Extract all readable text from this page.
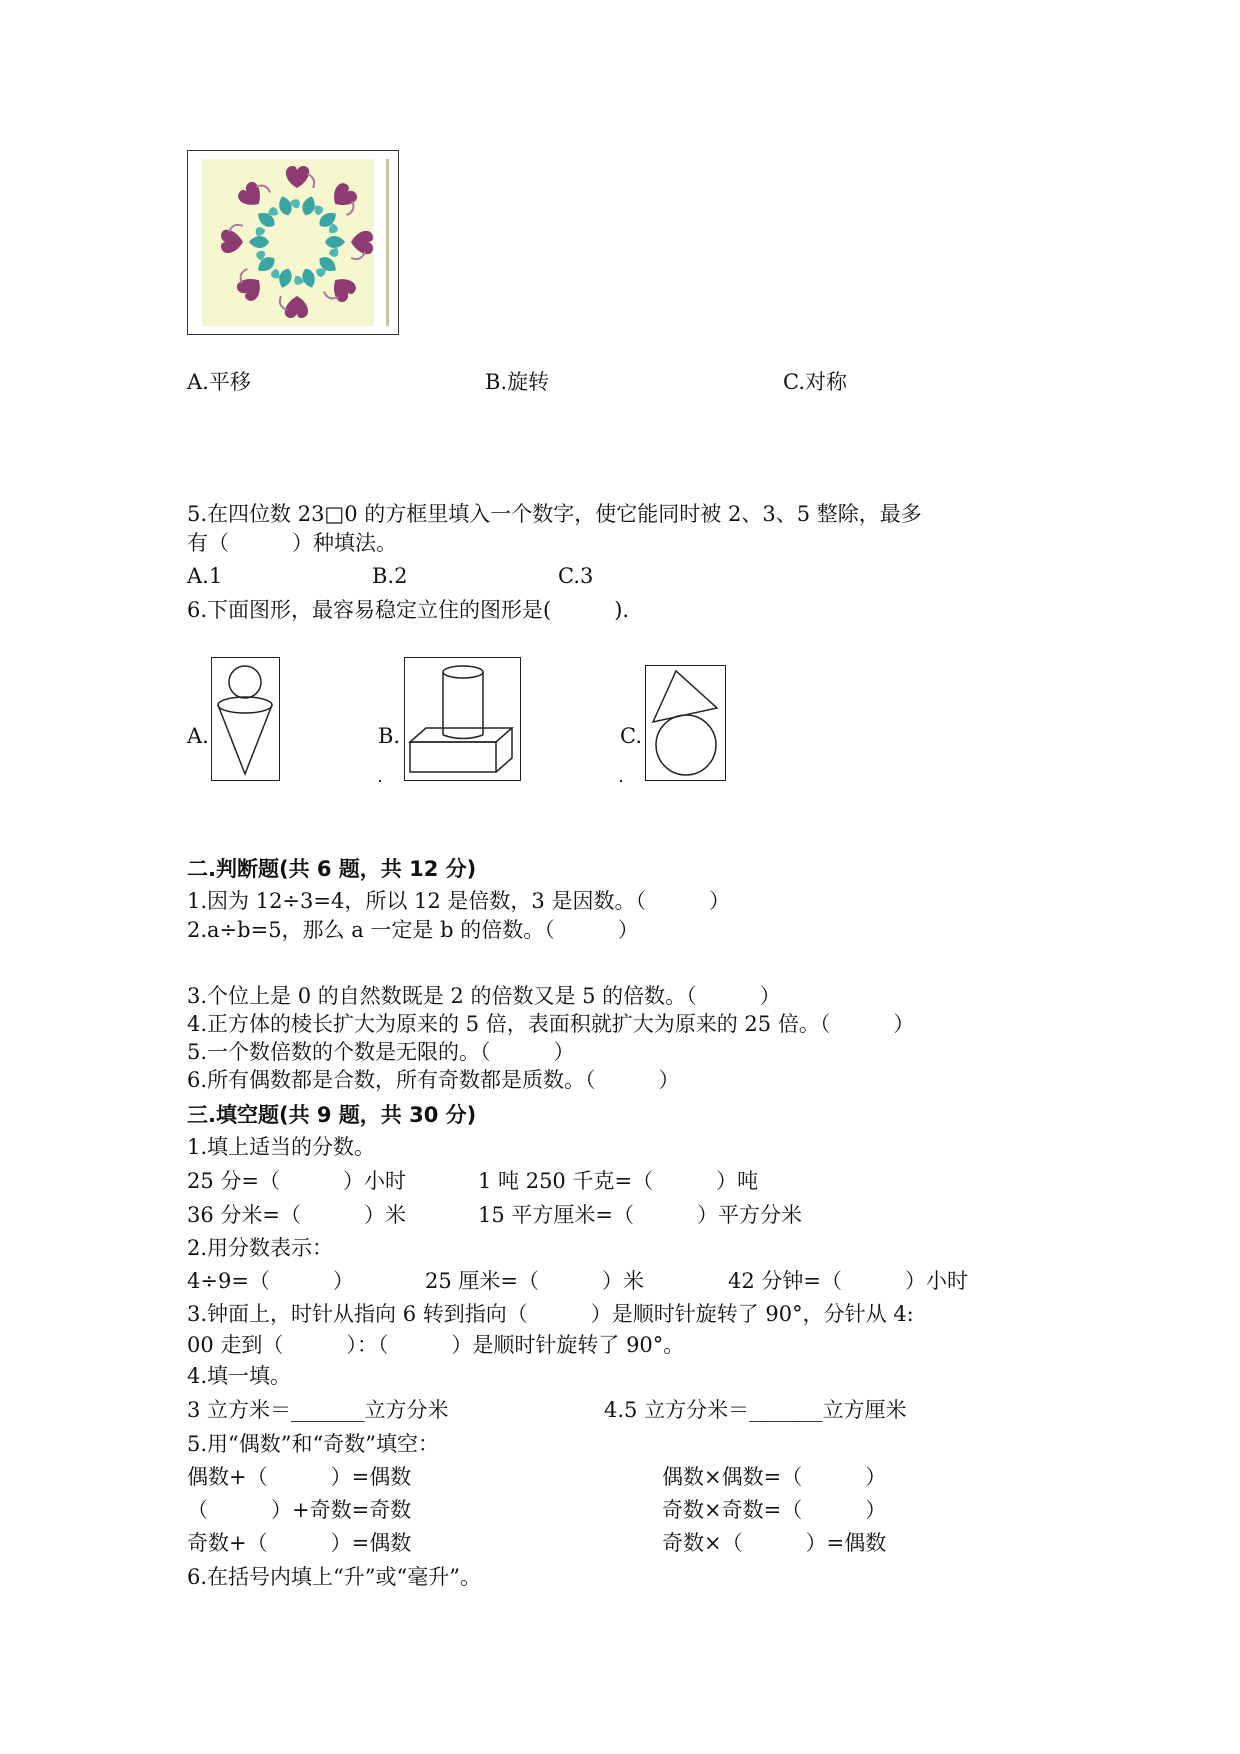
A.平移	B.旋转	C.对称
5.在四位数 23□0 的方框里填入一个数字，使它能同时被 2、3、5 整除，最多
有（　　　）种填法。
A.1	B.2	C.3
6.下面图形，最容易稳定立住的图形是(　　　).
A.	B.	C.
二.判断题(共 6 题，共 12 分)
1.因为 12÷3=4，所以 12 是倍数，3 是因数。（　　　）
2.a÷b=5，那么 a 一定是 b 的倍数。（　　　）
3.个位上是 0 的自然数既是 2 的倍数又是 5 的倍数。（　　　）
4.正方体的棱长扩大为原来的 5 倍，表面积就扩大为原来的 25 倍。（　　　）
5.一个数倍数的个数是无限的。（　　　）
6.所有偶数都是合数，所有奇数都是质数。（　　　）
三.填空题(共 9 题，共 30 分)
1.填上适当的分数。
25 分=（　　　）小时	1 吨 250 千克=（　　　）吨
36 分米=（　　　）米	15 平方厘米=（　　　）平方分米
2.用分数表示：
4÷9=（　　　）	25 厘米=（　　　）米	42 分钟=（　　　）小时
3.钟面上，时针从指向 6 转到指向（　　　）是顺时针旋转了 90°，分针从 4:
00 走到（　　　）：（　　　）是顺时针旋转了 90°。
4.填一填。
3 立方米＝_______立方分米	4.5 立方分米＝_______立方厘米
5.用“偶数”和“奇数”填空：
偶数+（　　　）=偶数	偶数×偶数=（　　　）
（　　　）+奇数=奇数	奇数×奇数=（　　　）
奇数+（　　　）=偶数	奇数×（　　　）=偶数
6.在括号内填上“升”或“毫升”。
